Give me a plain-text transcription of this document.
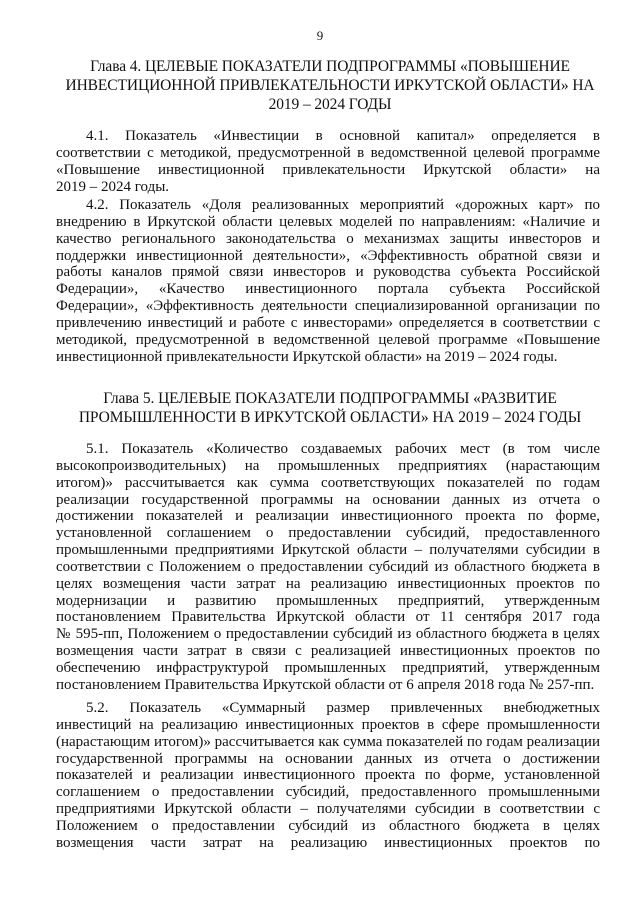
9
Глава 4. ЦЕЛЕВЫЕ ПОКАЗАТЕЛИ ПОДПРОГРАММЫ «ПОВЫШЕНИЕ
ИНВЕСТИЦИОННОЙ ПРИВЛЕКАТЕЛЬНОСТИ ИРКУТСКОЙ ОБЛАСТИ» НА
2019 – 2024 ГОДЫ
4.1. Показатель «Инвестиции в основной капитал» определяется в
соответствии с методикой, предусмотренной в ведомственной целевой программе
«Повышение инвестиционной привлекательности Иркутской области» на
2019 – 2024 годы.
4.2. Показатель «Доля реализованных мероприятий «дорожных карт» по
внедрению в Иркутской области целевых моделей по направлениям: «Наличие и
качество регионального законодательства о механизмах защиты инвесторов и
поддержки инвестиционной деятельности», «Эффективность обратной связи и
работы каналов прямой связи инвесторов и руководства субъекта Российской
Федерации», «Качество инвестиционного портала субъекта Российской
Федерации», «Эффективность деятельности специализированной организации по
привлечению инвестиций и работе с инвесторами» определяется в соответствии с
методикой, предусмотренной в ведомственной целевой программе «Повышение
инвестиционной привлекательности Иркутской области» на 2019 – 2024 годы.
Глава 5. ЦЕЛЕВЫЕ ПОКАЗАТЕЛИ ПОДПРОГРАММЫ «РАЗВИТИЕ
ПРОМЫШЛЕННОСТИ В ИРКУТСКОЙ ОБЛАСТИ» НА 2019 – 2024 ГОДЫ
5.1. Показатель «Количество создаваемых рабочих мест (в том числе
высокопроизводительных) на промышленных предприятиях (нарастающим
итогом)» рассчитывается как сумма соответствующих показателей по годам
реализации государственной программы на основании данных из отчета о
достижении показателей и реализации инвестиционного проекта по форме,
установленной соглашением о предоставлении субсидий, предоставленного
промышленными предприятиями Иркутской области – получателями субсидии в
соответствии с Положением о предоставлении субсидий из областного бюджета в
целях возмещения части затрат на реализацию инвестиционных проектов по
модернизации и развитию промышленных предприятий, утвержденным
постановлением Правительства Иркутской области от 11 сентября 2017 года
№ 595-пп, Положением о предоставлении субсидий из областного бюджета в целях
возмещения части затрат в связи с реализацией инвестиционных проектов по
обеспечению инфраструктурой промышленных предприятий, утвержденным
постановлением Правительства Иркутской области от 6 апреля 2018 года № 257-пп.
5.2. Показатель «Суммарный размер привлеченных внебюджетных
инвестиций на реализацию инвестиционных проектов в сфере промышленности
(нарастающим итогом)» рассчитывается как сумма показателей по годам реализации
государственной программы на основании данных из отчета о достижении
показателей и реализации инвестиционного проекта по форме, установленной
соглашением о предоставлении субсидий, предоставленного промышленными
предприятиями Иркутской области – получателями субсидии в соответствии с
Положением о предоставлении субсидий из областного бюджета в целях
возмещения части затрат на реализацию инвестиционных проектов по
